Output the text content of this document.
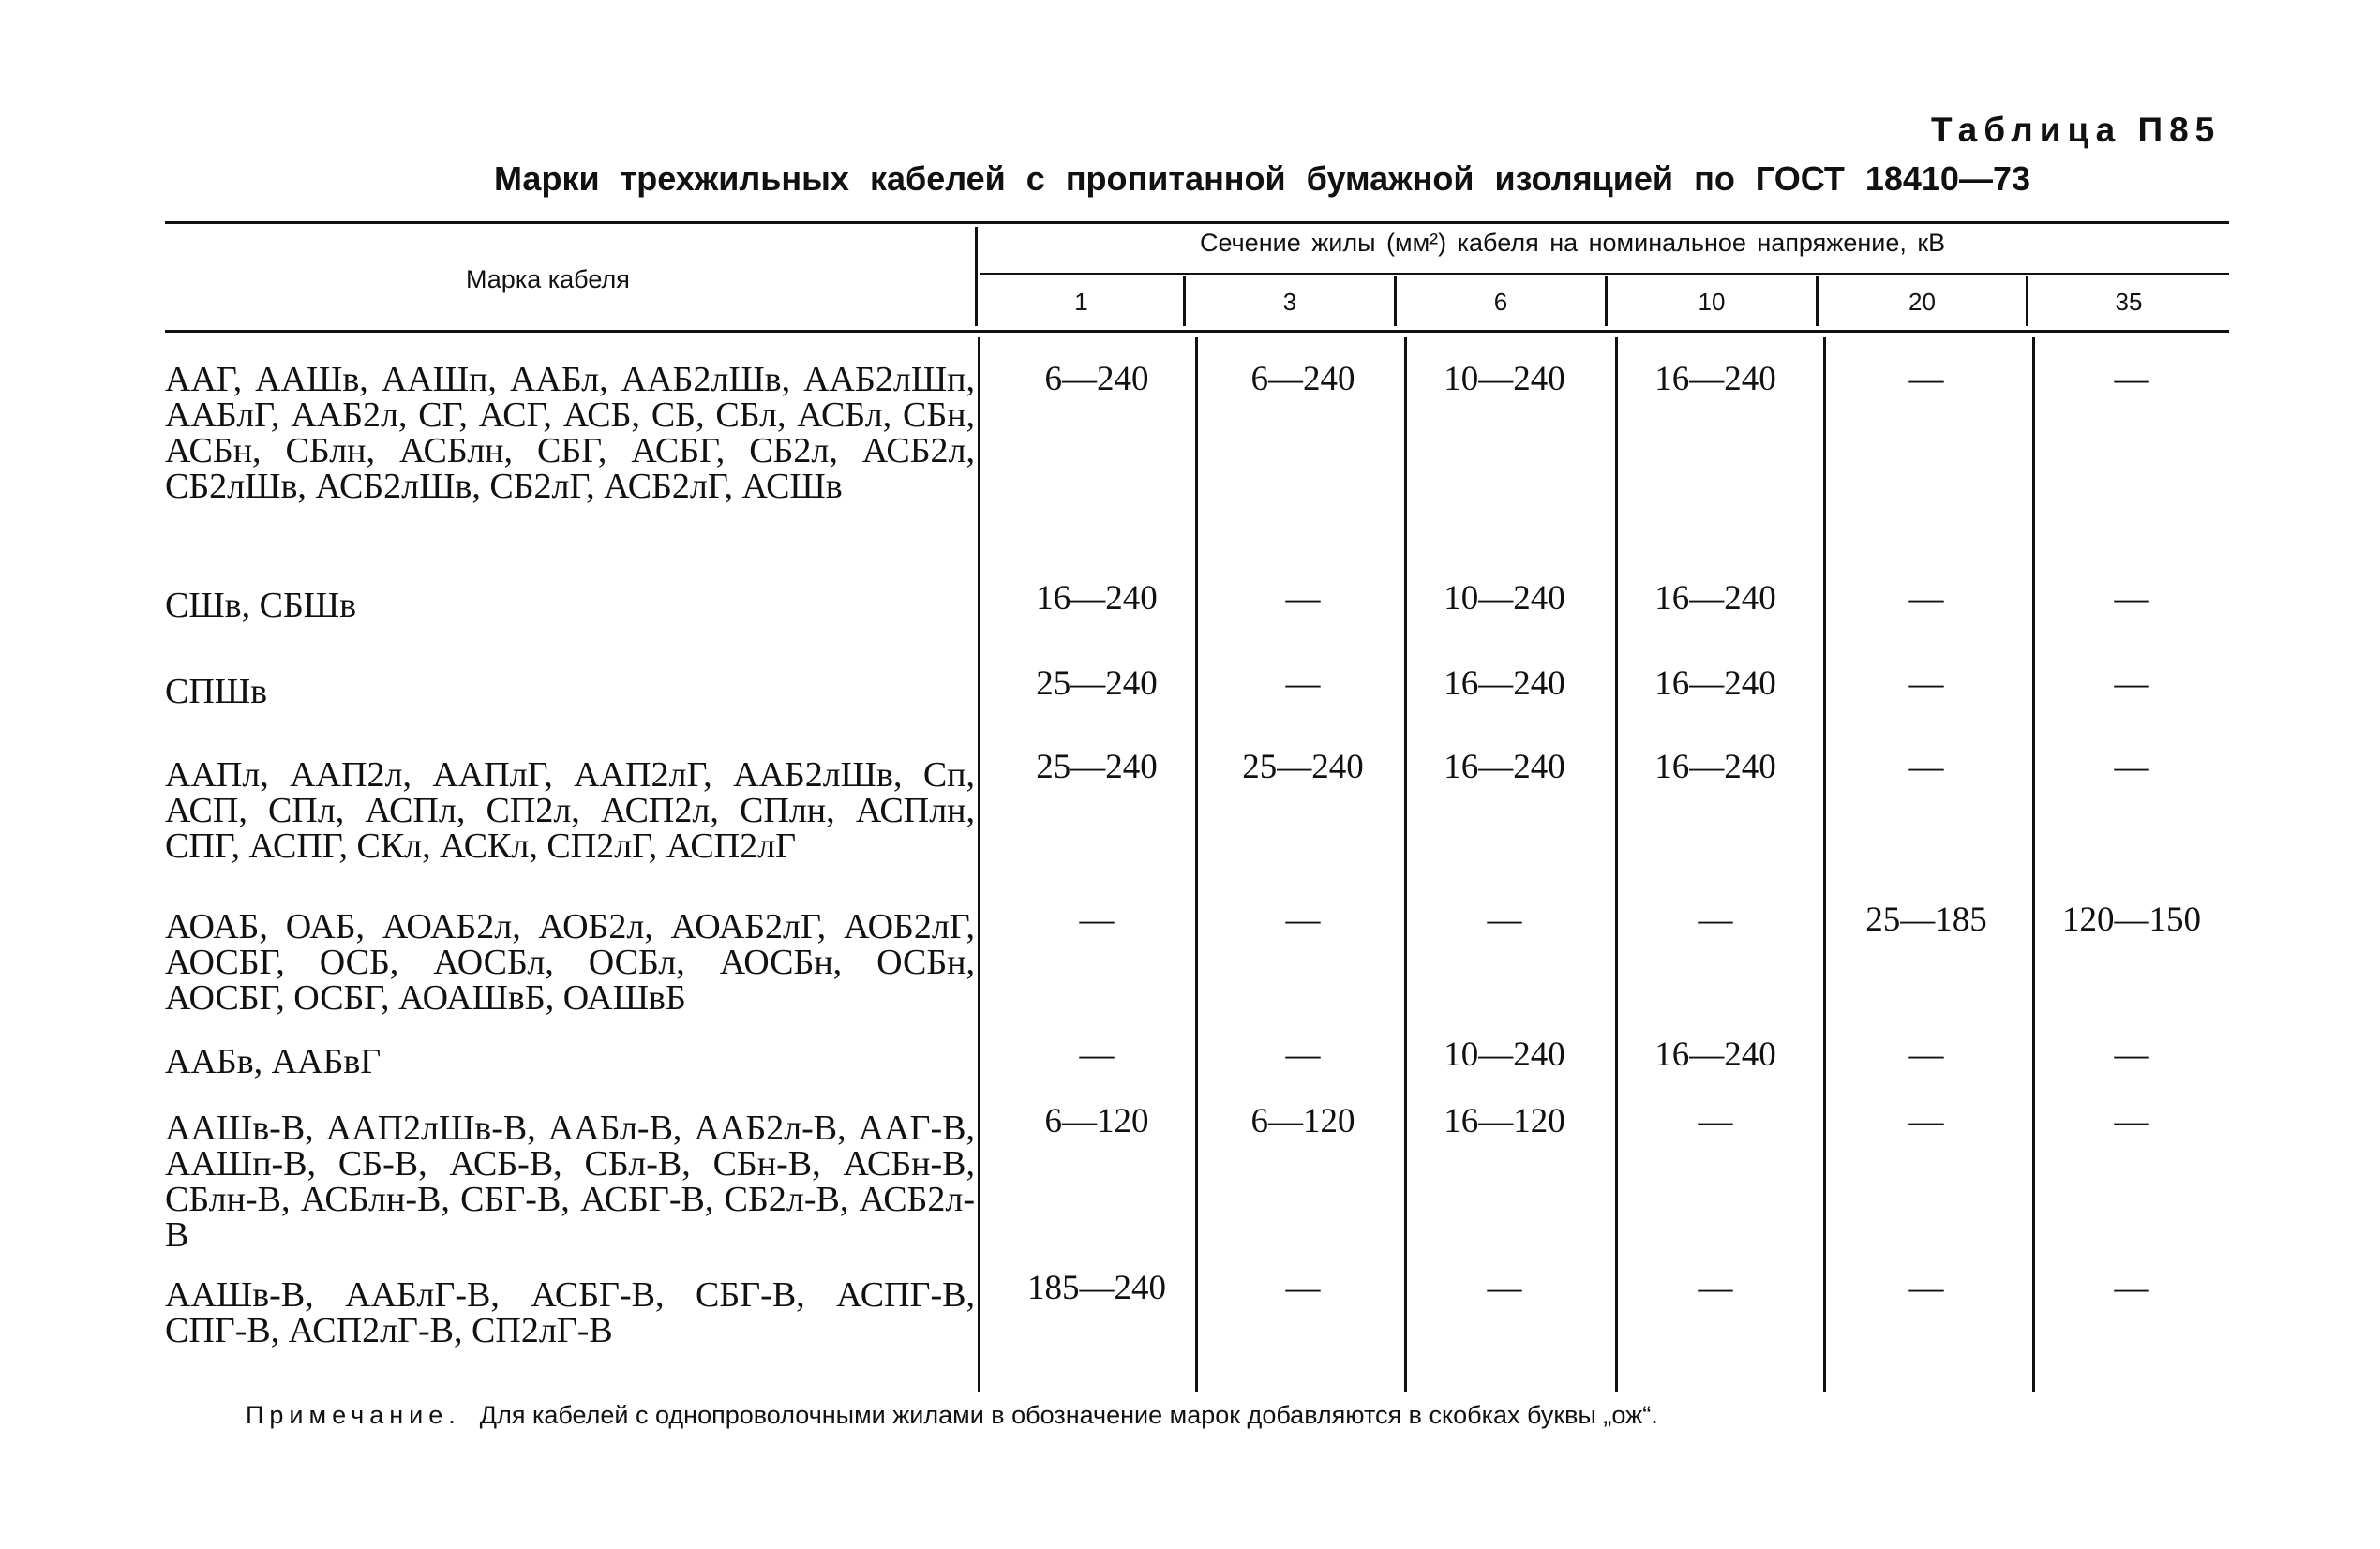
Таблица П85
Марки трехжильных кабелей с пропитанной бумажной изоляцией по ГОСТ 18410—73
Марка кабеля
Сечение жилы (мм²) кабеля на номинальное напряжение, кВ
1	3	6	10	20	35
ААГ, ААШв, ААШп, ААБл, ААБ2лШв, ААБ2лШп, ААБлГ, ААБ2л, СГ, АСГ, АСБ, СБ, СБл, АСБл, СБн, АСБн, СБлн, АСБлн, СБГ, АСБГ, СБ2л, АСБ2л, СБ2лШв, АСБ2лШв, СБ2лГ, АСБ2лГ, АСШв
6—240	6—240	10—240	16—240	—	—
СШв, СБШв	16—240	—	10—240	16—240	—	—
СПШв	25—240	—	16—240	16—240	—	—
ААПл, ААП2л, ААПлГ, ААП2лГ, ААБ2лШв, Сп, АСП, СПл, АСПл, СП2л, АСП2л, СПлн, АСПлн, СПГ, АСПГ, СКл, АСКл, СП2лГ, АСП2лГ
25—240	25—240	16—240	16—240	—	—
АОАБ, ОАБ, АОАБ2л, АОБ2л, АОАБ2лГ, АОБ2лГ, АОСБГ, ОСБ, АОСБл, ОСБл, АОСБн, ОСБн, АОСБГ, ОСБГ, АОАШвБ, ОАШвБ
—	—	—	—	25—185	120—150
ААБв, ААБвГ	—	—	10—240	16—240	—	—
ААШв-В, ААП2лШв-В, ААБл-В, ААБ2л-В, ААГ-В, ААШп-В, СБ-В, АСБ-В, СБл-В, СБн-В, АСБн-В, СБлн-В, АСБлн-В, СБГ-В, АСБГ-В, СБ2л-В, АСБ2л-В
6—120	6—120	16—120	—	—	—
ААШв-В, ААБлГ-В, АСБГ-В, СБГ-В, АСПГ-В, СПГ-В, АСП2лГ-В, СП2лГ-В
185—240	—	—	—	—	—
Примечание. Для кабелей с однопроволочными жилами в обозначение марок добавляются в скобках буквы „ож“.
